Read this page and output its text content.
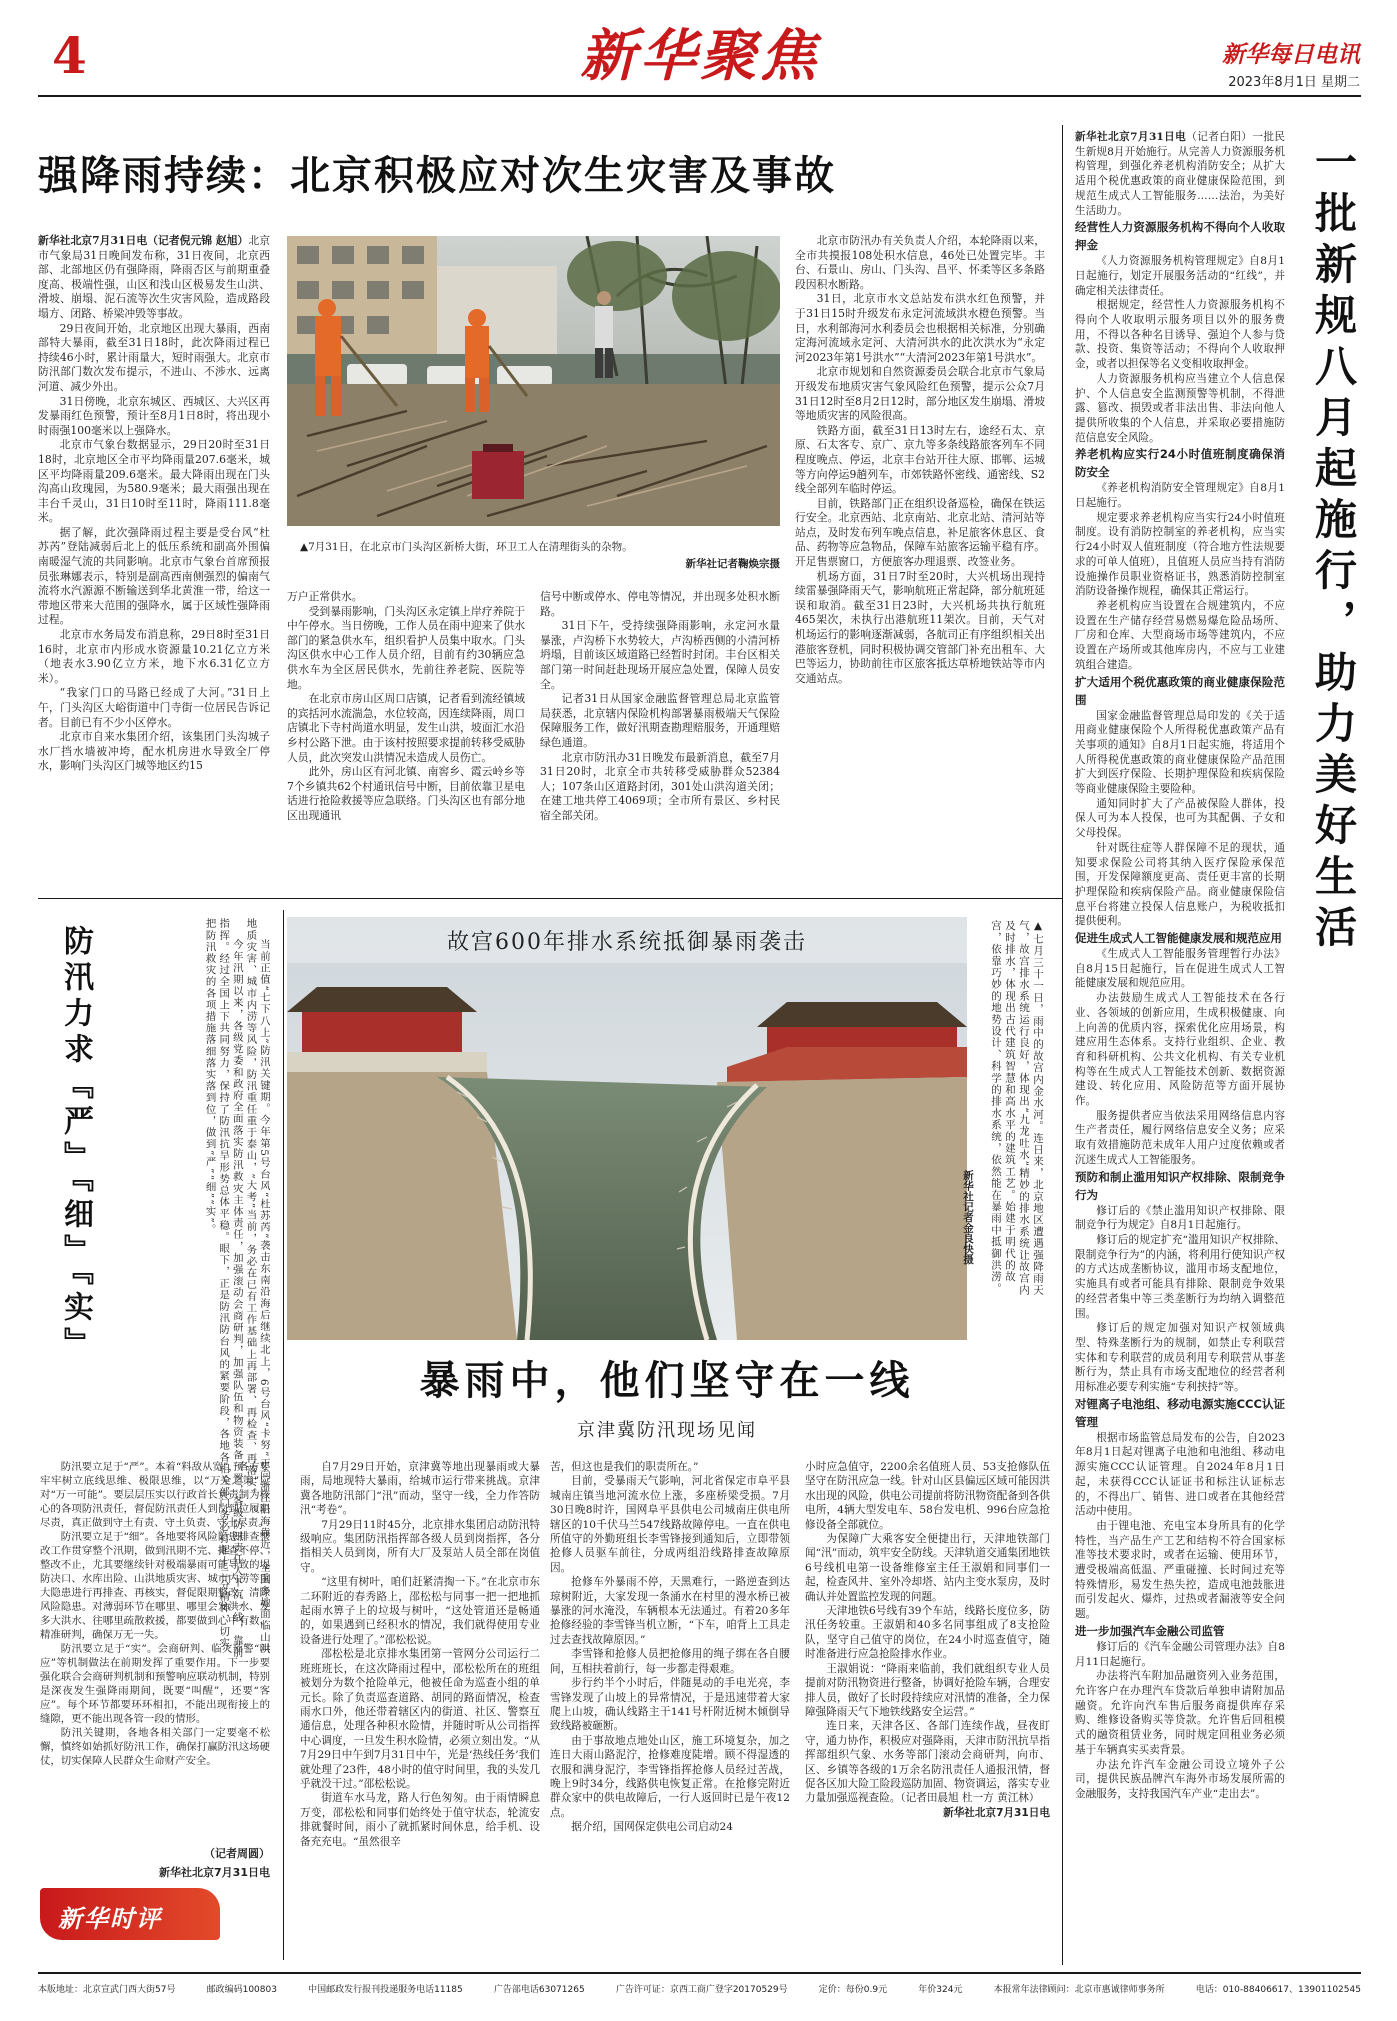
4	新华聚焦	新华每日电讯
2023年8月1日 星期二
强降雨持续：北京积极应对次生灾害及事故

新华社北京7月31日电（记者倪元锦 赵旭）北京市气象局31日晚间发布称，31日夜间，北京西部、北部地区仍有强降雨，降雨否区与前期重叠度高、极端性强，山区和浅山区极易发生山洪、滑坡、崩塌、泥石流等次生灾害风险，造成路段塌方、闭路、桥梁冲毁等事故。

29日夜间开始，北京地区出现大暴雨，西南部特大暴雨，截至31日18时，此次降雨过程已持续46小时，累计雨量大，短时雨强大。北京市防汛部门数次发布提示，不进山、不涉水、远离河道、减少外出。

31日傍晚，北京东城区、西城区、大兴区再发暴雨红色预警，预计至8月1日8时，将出现小时雨强100毫米以上强降水。

北京市气象台数据显示，29日20时至31日18时，北京地区全市平均降雨量207.6毫米，城区平均降雨量209.6毫米。最大降雨出现在门头沟高山玫瑰园，为580.9毫米；最大雨强出现在丰台千灵山，31日10时至11时，降雨111.8毫米。

据了解，此次强降雨过程主要是受台风“杜苏芮”登陆减弱后北上的低压系统和副高外围偏南暖湿气流的共同影响。北京市气象台首席预报员张琳娜表示，特别是副高西南侧强烈的偏南气流将水汽源源不断输送到华北黄淮一带，给这一带地区带来大范围的强降水，属于区域性强降雨过程。

北京市水务局发布消息称，29日8时至31日16时，北京市内形成水资源量10.21亿立方米（地表水3.90亿立方米，地下水6.31亿立方米）。

“我家门口的马路已经成了大河。”31日上午，门头沟区大峪街道中门寺街一位居民告诉记者。目前已有不少小区停水。

北京市自来水集团介绍，该集团门头沟城子水厂挡水墙被冲垮，配水机房进水导致全厂停水，影响门头沟区门城等地区约15

▲7月31日，在北京市门头沟区新桥大街，环卫工人在清理街头的杂物。
新华社记者鞠焕宗摄

万户正常供水。

受到暴雨影响，门头沟区永定镇上岸疗养院于中午停水。当日傍晚，工作人员在雨中迎来了供水部门的紧急供水车，组织看护人员集中取水。门头沟区供水中心工作人员介绍，目前有约30辆应急供水车为全区居民供水，先前往养老院、医院等地。

在北京市房山区周口店镇，记者看到流经镇域的宾括河水流湍急，水位较高，因连续降雨，周口店镇北下寺村尚道水明显，发生山洪，坡面汇水沿乡村公路下泄。由于该村按照要求提前转移受威胁人员，此次突发山洪情况未造成人员伤亡。

此外，房山区有河北镇、南窖乡、霞云岭乡等7个乡镇共62个村通讯信号中断，目前依靠卫星电话进行抢险救援等应急联络。门头沟区也有部分地区出现通讯

信号中断或停水、停电等情况，并出现多处积水断路。

31日下午，受持续强降雨影响，永定河水量暴涨，卢沟桥下水势较大，卢沟桥西侧的小清河桥坍塌，目前该区域道路已经暂时封闭。丰台区相关部门第一时间赶赴现场开展应急处置，保障人员安全。

记者31日从国家金融监督管理总局北京监管局获悉，北京辖内保险机构部署暴雨极端天气保险保障服务工作，做好汛期查勘理赔服务，开通理赔绿色通道。

北京市防汛办31日晚发布最新消息，截至7月31日20时，北京全市共转移受威胁群众52384人；107条山区道路封闭，301处山洪沟道关闭；在建工地共停工4069项；全市所有景区、乡村民宿全部关闭。

北京市防汛办有关负责人介绍，本轮降雨以来，全市共摸报108处积水信息，46处已处置完毕。丰台、石景山、房山、门头沟、昌平、怀柔等区多条路段因积水断路。

31日，北京市水文总站发布洪水红色预警，并于31日15时升级发布永定河流域洪水橙色预警。当日，水利部海河水利委员会也根据相关标准，分别确定海河流域永定河、大清河洪水的此次洪水为“永定河2023年第1号洪水”“大清河2023年第1号洪水”。

北京市规划和自然资源委员会联合北京市气象局开级发布地质灾害气象风险红色预警，提示公众7月31日12时至8月2日12时，部分地区发生崩塌、滑坡等地质灾害的风险很高。

铁路方面，截至31日13时左右，途经石太、京原、石太客专、京广、京九等多条线路旅客列车不同程度晚点、停运，北京丰台站开往大原、邯郸、运城等方向停运9趟列车，市郊铁路怀密线、通密线、S2线全部列车临时停运。

目前，铁路部门正在组织设备巡检，确保在铁运行安全。北京西站、北京南站、北京北站、清河站等站点，及时发布列车晚点信息，补足旅客休息区、食品、药物等应急物品，保障车站旅客运输平稳有序。开足售票窗口，方便旅客办理退票、改签业务。

机场方面，31日7时至20时，大兴机场出现持续雷暴强降雨天气，影响航班正常起降，部分航班延误和取消。截至31日23时，大兴机场共执行航班465架次，未执行出港航班11架次。目前，天气对机场运行的影响逐渐减弱，各航司正有序组织相关出港旅客登机，同时积极协调交管部门补充出租车、大巴等运力，协助前往市区旅客抵达草桥地铁站等市内交通站点。	一批新规八月起施行，助力美好生活

新华社北京7月31日电（记者白阳）一批民生新规8月开始施行。从完善人力资源服务机构管理，到强化养老机构消防安全；从扩大适用个税优惠政策的商业健康保险范围，到规范生成式人工智能服务……法治，为美好生活助力。

经营性人力资源服务机构不得向个人收取押金

《人力资源服务机构管理规定》自8月1日起施行，划定开展服务活动的“红线”，并确定相关法律责任。

根据规定，经营性人力资源服务机构不得向个人收取明示服务项目以外的服务费用，不得以各种名目诱导、强迫个人参与贷款、投资、集资等活动；不得向个人收取押金，或者以担保等名义变相收取押金。

人力资源服务机构应当建立个人信息保护、个人信息安全监测预警等机制，不得泄露、篡改、损毁或者非法出售、非法向他人提供所收集的个人信息，并采取必要措施防范信息安全风险。

养老机构应实行24小时值班制度确保消防安全

《养老机构消防安全管理规定》自8月1日起施行。

规定要求养老机构应当实行24小时值班制度。设有消防控制室的养老机构，应当实行24小时双人值班制度（符合地方性法规要求的可单人值班），且值班人员应当持有消防设施操作员职业资格证书，熟悉消防控制室消防设备操作规程，确保其正常运行。

养老机构应当设置在合规建筑内，不应设置在生产储存经营易燃易爆危险品场所、厂房和仓库、大型商场市场等建筑内，不应设置在产场所或其他库房内，不应与工业建筑组合建造。

扩大适用个税优惠政策的商业健康保险范围

国家金融监督管理总局印发的《关于适用商业健康保险个人所得税优惠政策产品有关事项的通知》自8月1日起实施，将适用个人所得税优惠政策的商业健康保险产品范围扩大到医疗保险、长期护理保险和疾病保险等商业健康保险主要险种。

通知同时扩大了产品被保险人群体，投保人可为本人投保，也可为其配偶、子女和父母投保。

针对既往症等人群保障不足的现状，通知要求保险公司将其纳入医疗保险承保范围，开发保障额度更高、责任更丰富的长期护理保险和疾病保险产品。商业健康保险信息平台将建立投保人信息账户，为税收抵扣提供便利。

促进生成式人工智能健康发展和规范应用

《生成式人工智能服务管理暂行办法》自8月15日起施行，旨在促进生成式人工智能健康发展和规范应用。

办法鼓励生成式人工智能技术在各行业、各领域的创新应用，生成积极健康、向上向善的优质内容，探索优化应用场景，构建应用生态体系。支持行业组织、企业、教育和科研机构、公共文化机构、有关专业机构等在生成式人工智能技术创新、数据资源建设、转化应用、风险防范等方面开展协作。

服务提供者应当依法采用网络信息内容生产者责任，履行网络信息安全义务；应采取有效措施防范未成年人用户过度依赖或者沉迷生成式人工智能服务。

预防和制止滥用知识产权排除、限制竞争行为

修订后的《禁止滥用知识产权排除、限制竞争行为规定》自8月1日起施行。

修订后的规定扩充“滥用知识产权排除、限制竞争行为”的内涵，将利用行使知识产权的方式达成垄断协议，滥用市场支配地位，实施具有或者可能具有排除、限制竞争效果的经营者集中等三类垄断行为均纳入调整范围。

修订后的规定加强对知识产权领域典型、特殊垄断行为的规制，如禁止专利联营实体和专利联营的成员利用专利联营从事垄断行为，禁止具有市场支配地位的经营者利用标准必要专利实施“专利挟持”等。

对锂离子电池组、移动电源实施CCC认证管理

根据市场监管总局发布的公告，自2023年8月1日起对锂离子电池和电池组、移动电源实施CCC认证管理。自2024年8月1日起，未获得CCC认证证书和标注认证标志的，不得出厂、销售、进口或者在其他经营活动中使用。

由于锂电池、充电宝本身所具有的化学特性，当产品生产工艺和结构不符合国家标准等技术要求时，或者在运输、使用环节，遭受极端高低温、严重碰撞、长时间过充等特殊情形，易发生热失控，造成电池鼓胀进而引发起火、爆炸，过热或者漏液等安全问题。

进一步加强汽车金融公司监管

修订后的《汽车金融公司管理办法》自8月11日起施行。

办法将汽车附加品融资列入业务范围，允许客户在办理汽车贷款后单独申请附加品融资。允许向汽车售后服务商提供库存采购、维修设备购买等贷款。允许售后回租模式的融资租赁业务，同时规定回租业务必须基于车辆真实买卖背景。

办法允许汽车金融公司设立境外子公司，提供民族品牌汽车海外市场发展所需的金融服务，支持我国汽车产业“走出去”。

防汛力求『严』『细』『实』	当前正值“七下八上”防汛关键期。今年第5号台风“杜苏芮”袭击东南沿海后继续北上，6号台风“卡努”正向浙江沿海靠近，全国多地面临山洪地质灾害、城市内涝等风险，防汛重任重于泰山，“大考”当前，务必在已有工作基础上再部署、再检查、再落实。

今年汛期以来，各级党委和政府全面落实防汛救灾主体责任，加强滚动会商研判，加强队伍和物资装备预置，各级防汛责任人下沉一线，靠前指挥。经过全国上下共同努力，保持了防汛抗旱形势总体平稳。眼下，正是防汛防台风的紧要阶段，各地各相关部门务必打起十二分精神，切实把防汛救灾的各项措施落细落实落到位，做到“严”“细”“实”。

防汛要立足于“严”。本着“料敌从宽”，各方要牢牢树立底线思维、极限思维，以“万全之策”应对“万一可能”。要层层压实以行政首长负责制为核心的各项防汛责任，督促防汛责任人到岗到位履职尽责，真正做到守土有责、守土负责、守土尽责。

防汛要立足于“细”。各地要将风险隐患排查整改工作贯穿整个汛期，做到汛期不完、排查不停、整改不止，尤其要继续针对极端暴雨可能导致的堤防决口、水库出险、山洪地质灾害、城市内涝等重大隐患进行再排查、再核实，督促限期整改，清除风险隐患。对薄弱环节在哪里、哪里会发洪水、发多大洪水、往哪里疏散救援，都要做到心中有数、精准研判，确保万无一失。

防汛要立足于“实”。会商研判、临灾预警“叫应”等机制做法在前期发挥了重要作用。下一步要强化联合会商研判机制和预警响应联动机制，特别是深夜发生强降雨期间，既要“叫醒”，还要“客应”。每个环节都要环环相扣，不能出现衔接上的缝隙，更不能出现各管一段的情形。

防汛关键期，各地各相关部门一定要毫不松懈，慎终如始抓好防汛工作，确保打赢防汛这场硬仗，切实保障人民群众生命财产安全。

（记者周圆）
新华社北京7月31日电
新华时评
故宫600年排水系统抵御暴雨袭击	▲七月三十一日，雨中的故宫内金水河。连日来，北京地区遭遇强降雨天气，故宫排水系统运行良好，体现出“九龙吐水”精妙的排水系统让故宫内及时排水，体现出古代建筑智慧和高水平的建筑工艺。始建于明代的故宫，依靠巧妙的地势设计、科学的排水系统，依然能在暴雨中抵御洪涝。
新华社记者金良快摄
暴雨中，他们坚守在一线
京津冀防汛现场见闻

自7月29日开始，京津冀等地出现暴雨或大暴雨，局地现特大暴雨，给城市运行带来挑战。京津冀各地防汛部门“汛”而动，坚守一线，全力作答防汛“考卷”。

7月29日11时45分，北京排水集团启动防汛特级响应。集团防汛指挥部各级人员到岗指挥，各分指相关人员到岗，所有大厂及泵站人员全部在岗值守。

“这里有树叶，咱们赶紧清掏一下。”在北京市东二环附近的春秀路上，邵松松与同事一把一把地抓起雨水箅子上的垃圾与树叶，“这处管道还是畅通的，如果遇到已经积水的情况，我们就得使用专业设备进行处理了。”邵松松说。

邵松松是北京排水集团第一管网分公司运行二班班班长，在这次降雨过程中，邵松松所在的班组被划分为数个抢险单元，他被任命为巡查小组的单元长。除了负责巡查道路、胡同的路面情况，检查雨水口外，他还带着辖区内的街道、社区、警察互通信息，处理各种积水险情，并随时听从公司指挥中心调度，一旦发生积水险情，必须立刻出发。“从7月29日中午到7月31日中午，光是‘热线任务’我们就处理了23件，48小时的值守时间里，我的头发几乎就没干过。”邵松松说。

街道车水马龙，路人行色匆匆。由于雨情瞬息万变，邵松松和同事们始终处于值守状态，轮流安排就餐时间，雨小了就抓紧时间休息，给手机、设备充充电。“虽然很辛

苦，但这也是我们的职责所在。”

目前，受暴雨天气影响，河北省保定市阜平县城南庄镇当地河流水位上涨，多座桥梁受损。7月30日晚8时许，国网阜平县供电公司城南庄供电所辖区的10千伏马兰547线路故障停电。一直在供电所值守的外勤班组长李雪锋接到通知后，立即带领抢修人员驱车前往，分成两组沿线路排查故障原因。

抢修车外暴雨不停，天黑难行，一路逆查到达琼树附近，大家发现一条涌水在村里的漫水桥已被暴涨的河水淹没，车辆根本无法通过。有着20多年抢修经验的李雪锋当机立断，“下车，咱背上工具走过去查找故障原因。”

李雪锋和抢修人员把抢修用的绳子绑在各自腰间，互相扶着前行，每一步都走得艰难。

步行约半个小时后，伴随晃动的手电光亮，李雪锋发现了山坡上的异常情况，于是迅速带着大家爬上山坡，确认线路主干141号杆附近树木倾倒导致线路被砸断。

由于事故地点地处山区，施工环境复杂，加之连日大雨山路泥泞，抢修难度陡增。顾不得湿透的衣服和满身泥泞，李雪锋指挥抢修人员经过苦战，晚上9时34分，线路供电恢复正常。在抢修完附近群众家中的供电故障后，一行人返回时已是午夜12点。

据介绍，国网保定供电公司启动24

小时应急值守，2200余名值班人员、53支抢修队伍坚守在防汛应急一线。针对山区县偏远区域可能因洪水出现的风险，供电公司提前将防汛物资配备到各供电所，4辆大型发电车、58台发电机、996台应急抢修设备全部就位。

为保障广大乘客安全便捷出行，天津地铁部门闻“汛”而动，筑牢安全防线。天津轨道交通集团地铁6号线机电第一设备维修室主任王淑娟和同事们一起，检查风井、室外冷却塔、站内主变水泵房，及时确认并处置监控发现的问题。

天津地铁6号线有39个车站，线路长度位多，防汛任务较重。王淑娟和40多名同事组成了8支抢险队，坚守自己值守的岗位，在24小时巡查值守，随时准备进行应急抢险排水作业。

王淑娟说：“降雨来临前，我们就组织专业人员提前对防汛物资进行整备，协调好抢险车辆，合理安排人员，做好了长时段持续应对汛情的准备，全力保障强降雨天气下地铁线路安全运营。”

连日来，天津各区、各部门连续作战，昼夜盯守，通力协作，积极应对强降雨，天津市防汛抗旱指挥部组织气象、水务等部门滚动会商研判，向市、区、乡镇等各级的1万余名防汛责任人通报汛情，督促各区加大险工险段巡防加固、物资调运，落实专业力量加强巡视查险。（记者田晨旭 杜一方 黄江林）

新华社北京7月31日电

本版地址：北京宣武门西大街57号	邮政编码100803	中国邮政发行报刊投递服务电话11185	广告部电话63071265	广告许可证：京西工商广登字20170529号	定价：每份0.9元	年价324元	本报常年法律顾问：北京市惠诚律师事务所	电话：010-88406617、13901102545
